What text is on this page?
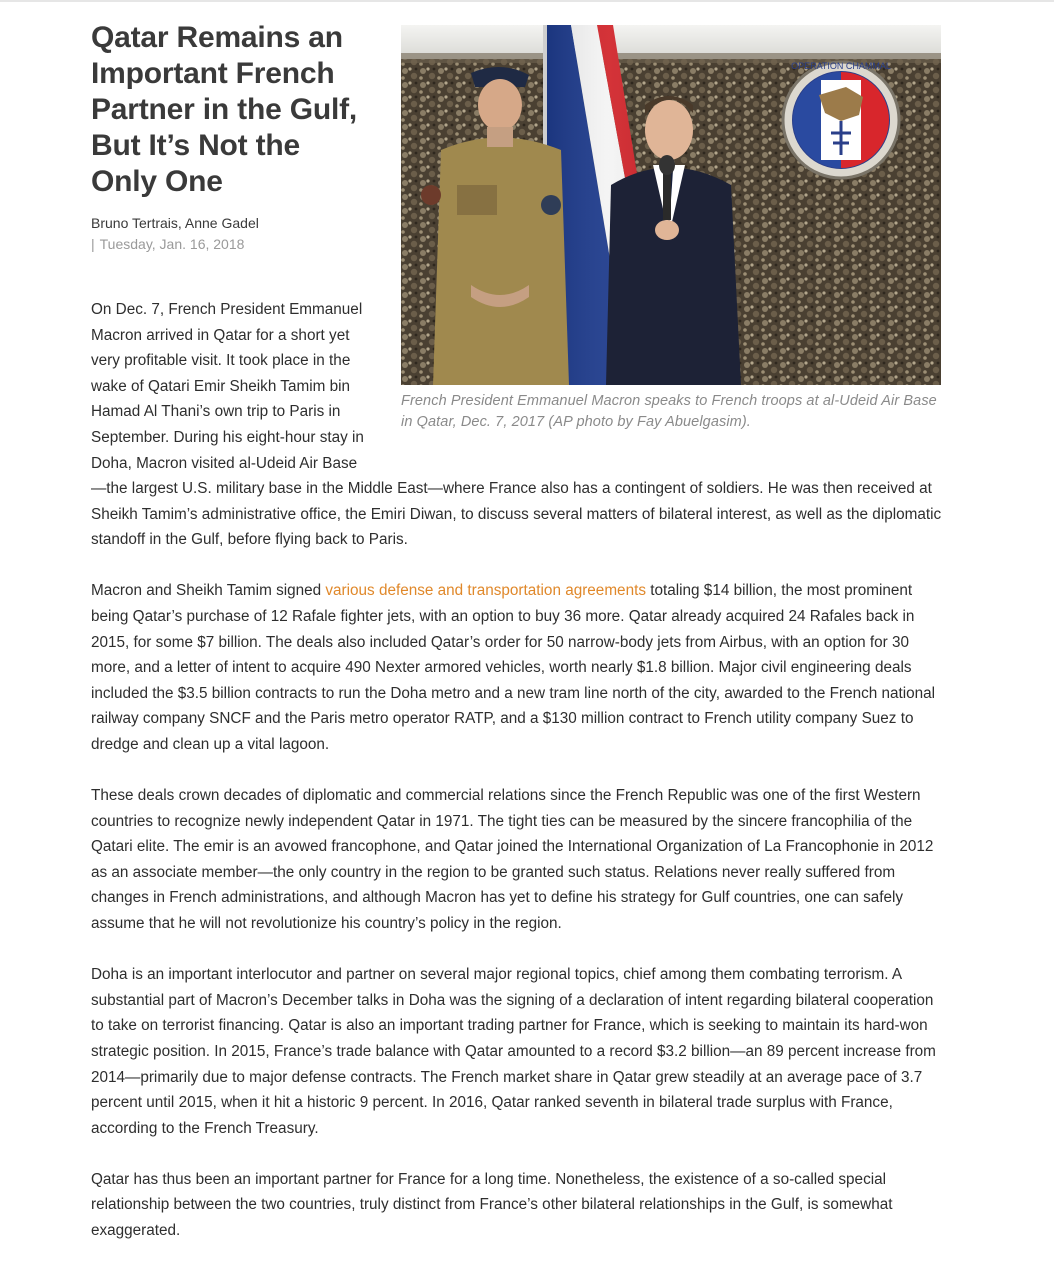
OPERATION CHAMMAL
French President Emmanuel Macron speaks to French troops at al-Udeid Air Base in Qatar, Dec. 7, 2017 (AP photo by Fay Abuelgasim).
Qatar Remains an Important French Partner in the Gulf, But It’s Not the Only One
Bruno Tertrais, Anne Gadel
| Tuesday, Jan. 16, 2018

On Dec. 7, French President Emmanuel Macron arrived in Qatar for a short yet very profitable visit. It took place in the wake of Qatari Emir Sheikh Tamim bin Hamad Al Thani’s own trip to Paris in September. During his eight-hour stay in Doha, Macron visited al-Udeid Air Base—the largest U.S. military base in the Middle East—where France also has a contingent of soldiers. He was then received at Sheikh Tamim’s administrative office, the Emiri Diwan, to discuss several matters of bilateral interest, as well as the diplomatic standoff in the Gulf, before flying back to Paris.

Macron and Sheikh Tamim signed various defense and transportation agreements totaling $14 billion, the most prominent being Qatar’s purchase of 12 Rafale fighter jets, with an option to buy 36 more. Qatar already acquired 24 Rafales back in 2015, for some $7 billion. The deals also included Qatar’s order for 50 narrow-body jets from Airbus, with an option for 30 more, and a letter of intent to acquire 490 Nexter armored vehicles, worth nearly $1.8 billion. Major civil engineering deals included the $3.5 billion contracts to run the Doha metro and a new tram line north of the city, awarded to the French national railway company SNCF and the Paris metro operator RATP, and a $130 million contract to French utility company Suez to dredge and clean up a vital lagoon.

These deals crown decades of diplomatic and commercial relations since the French Republic was one of the first Western countries to recognize newly independent Qatar in 1971. The tight ties can be measured by the sincere francophilia of the Qatari elite. The emir is an avowed francophone, and Qatar joined the International Organization of La Francophonie in 2012 as an associate member—the only country in the region to be granted such status. Relations never really suffered from changes in French administrations, and although Macron has yet to define his strategy for Gulf countries, one can safely assume that he will not revolutionize his country’s policy in the region.

Doha is an important interlocutor and partner on several major regional topics, chief among them combating terrorism. A substantial part of Macron’s December talks in Doha was the signing of a declaration of intent regarding bilateral cooperation to take on terrorist financing. Qatar is also an important trading partner for France, which is seeking to maintain its hard-won strategic position. In 2015, France’s trade balance with Qatar amounted to a record $3.2 billion—an 89 percent increase from 2014—primarily due to major defense contracts. The French market share in Qatar grew steadily at an average pace of 3.7 percent until 2015, when it hit a historic 9 percent. In 2016, Qatar ranked seventh in bilateral trade surplus with France, according to the French Treasury.

Qatar has thus been an important partner for France for a long time. Nonetheless, the existence of a so-called special relationship between the two countries, truly distinct from France’s other bilateral relationships in the Gulf, is somewhat exaggerated.
